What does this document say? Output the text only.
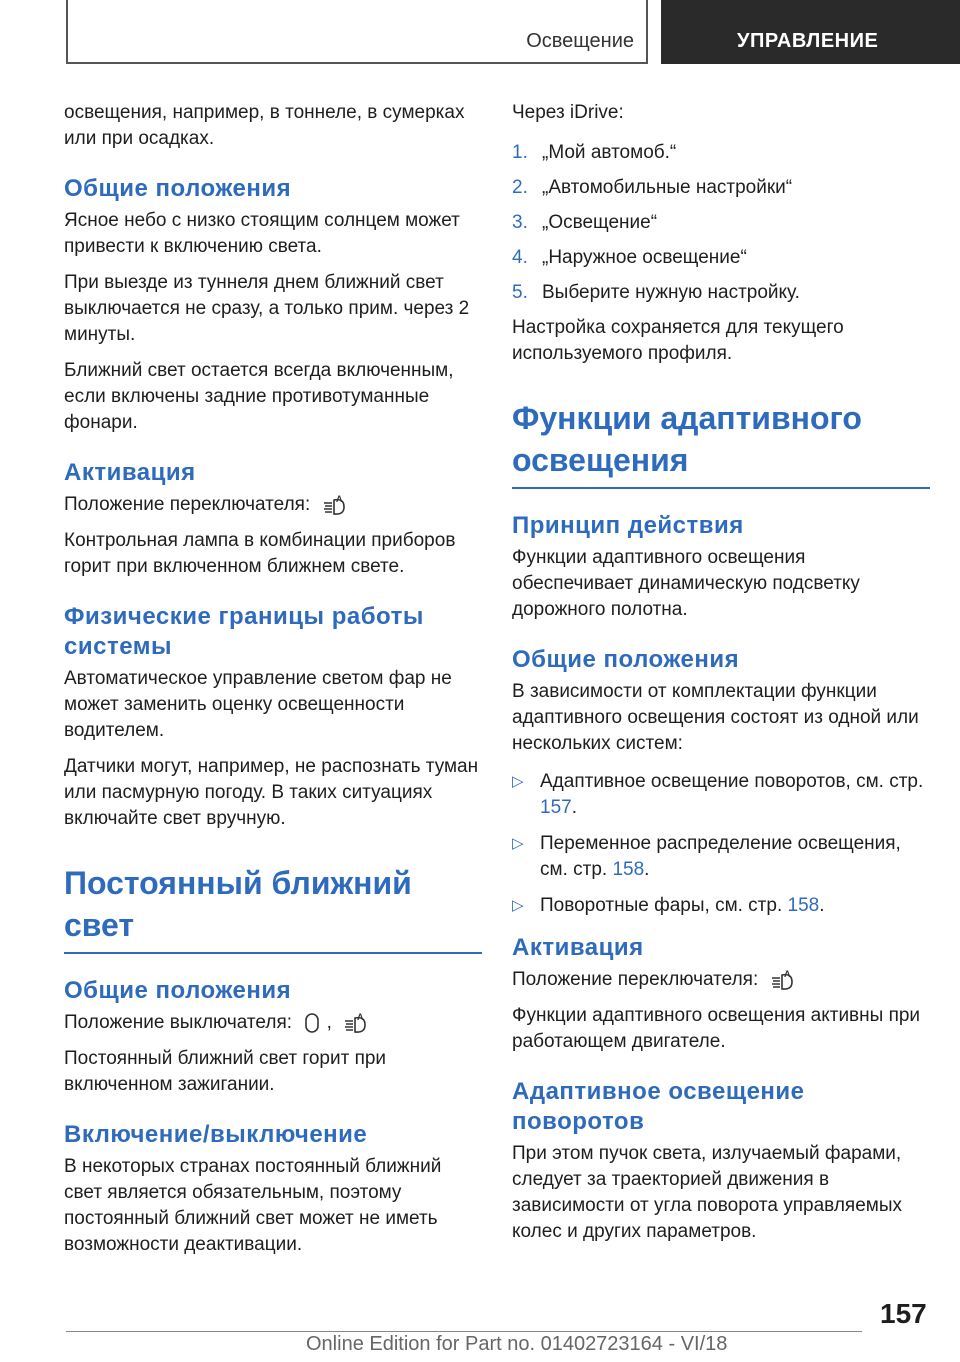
Освещение	УПРАВЛЕНИЕ

освещения, например, в тоннеле, в сумерках или при осадках.

Общие положения

Ясное небо с низко стоящим солнцем может привести к включению света.

При выезде из туннеля днем ближний свет выключается не сразу, а только прим. через 2 минуты.

Ближний свет остается всегда включенным, если включены задние противотуманные фонари.

Активация

Положение переключателя:	A

Контрольная лампа в комбинации приборов горит при включенном ближнем свете.

Физические границы работы системы

Автоматическое управление светом фар не может заменить оценку освещенности водителем.

Датчики могут, например, не распознать туман или пасмурную погоду. В таких ситуациях включайте свет вручную.

Постоянный ближний свет
Общие положения

Положение выключателя: ,	A

Постоянный ближний свет горит при включенном зажигании.

Включение/выключение

В некоторых странах постоянный ближний свет является обязательным, поэтому постоянный ближний свет может не иметь возможности деактивации.

Через iDrive:

1. „Мой автомоб.“
2. „Автомобильные настройки“
3. „Освещение“
4. „Наружное освещение“
5. Выберите нужную настройку.

Настройка сохраняется для текущего используемого профиля.

Функции адаптивного освещения
Принцип действия

Функции адаптивного освещения обеспечивает динамическую подсветку дорожного полотна.

Общие положения

В зависимости от комплектации функции адаптивного освещения состоят из одной или нескольких систем:

▷ Адаптивное освещение поворотов, см. стр. 157.
▷ Переменное распределение освещения, см. стр. 158.
▷ Поворотные фары, см. стр. 158.
Активация

Положение переключателя:	A

Функции адаптивного освещения активны при работающем двигателе.

Адаптивное освещение поворотов

При этом пучок света, излучаемый фарами, следует за траекторией движения в зависимости от угла поворота управляемых колес и других параметров.

157
Online Edition for Part no. 01402723164 - VI/18
